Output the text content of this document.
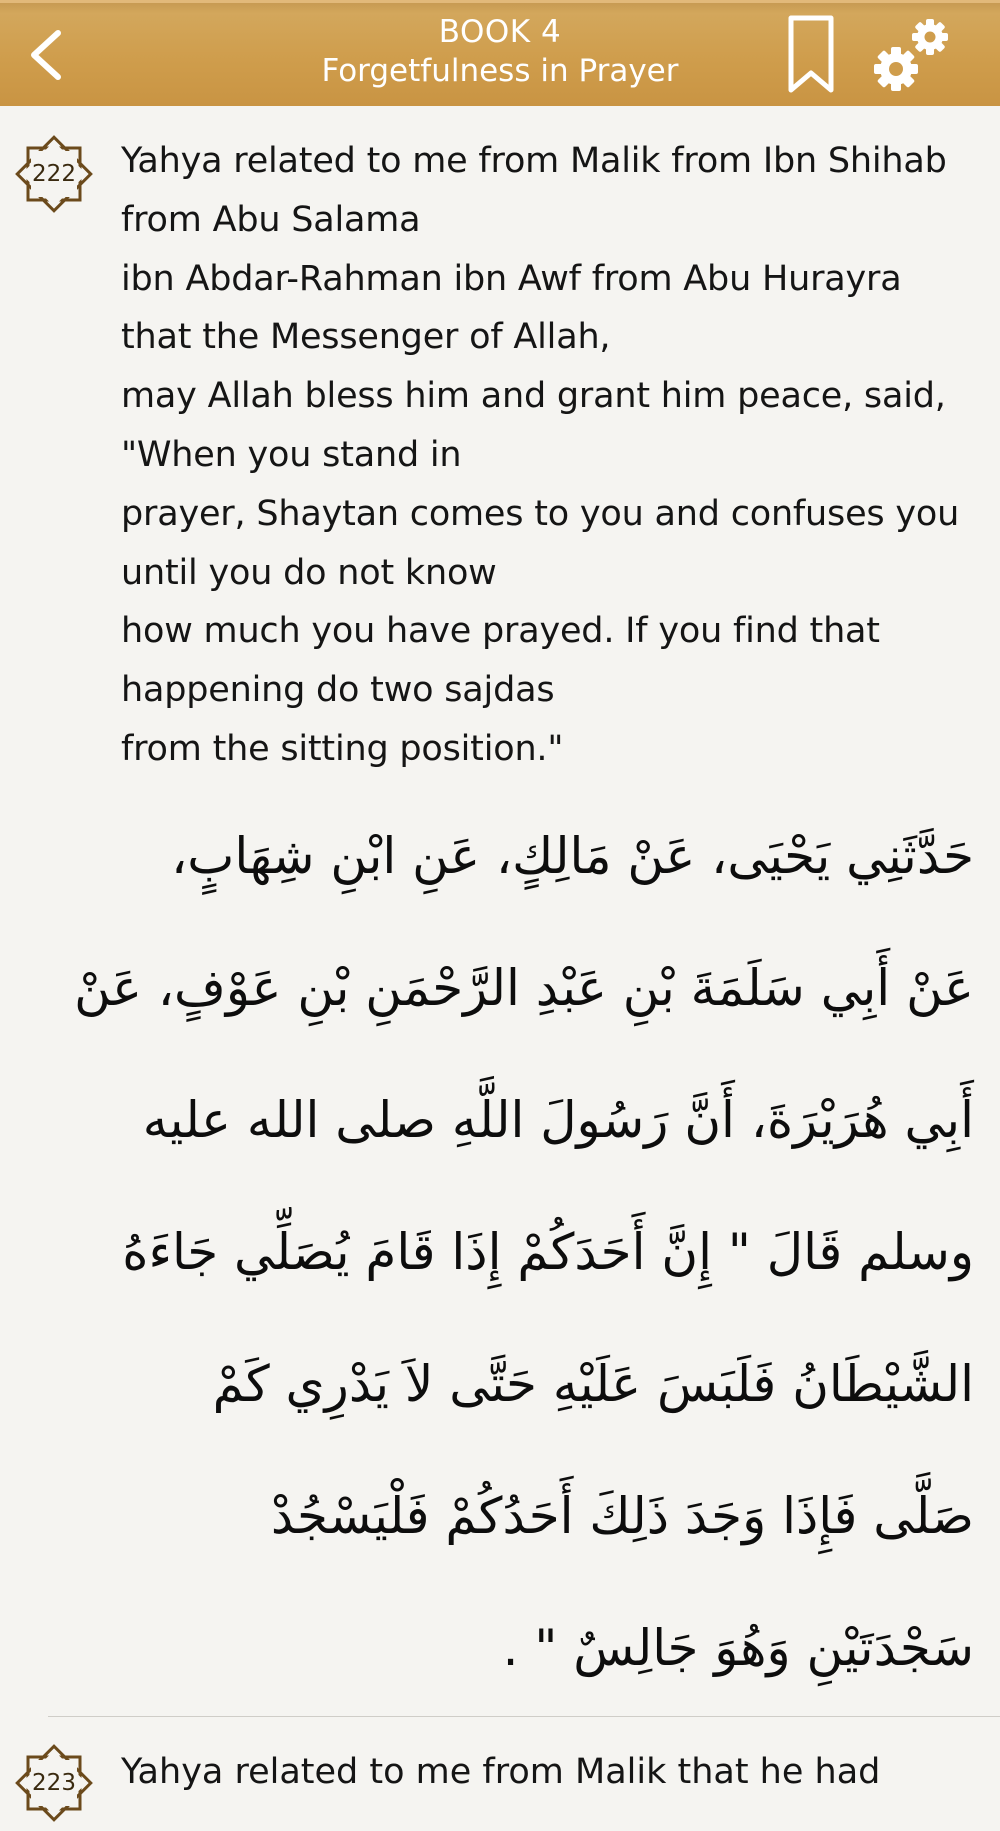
BOOK 4
Forgetfulness in Prayer
222	Yahya related to me from Malik from Ibn Shihab
from Abu Salama
ibn Abdar-Rahman ibn Awf from Abu Hurayra
that the Messenger of Allah,
may Allah bless him and grant him peace, said,
"When you stand in
prayer, Shaytan comes to you and confuses you
until you do not know
how much you have prayed. If you find that
happening do two sajdas
from the sitting position."

حَدَّثَنِي يَحْيَى، عَنْ مَالِكٍ، عَنِ ابْنِ شِهَابٍ،
عَنْ أَبِي سَلَمَةَ بْنِ عَبْدِ الرَّحْمَنِ بْنِ عَوْفٍ، عَنْ
أَبِي هُرَيْرَةَ، أَنَّ رَسُولَ اللَّهِ صلى الله عليه
وسلم قَالَ " إِنَّ أَحَدَكُمْ إِذَا قَامَ يُصَلِّي جَاءَهُ
الشَّيْطَانُ فَلَبَسَ عَلَيْهِ حَتَّى لاَ يَدْرِي كَمْ
صَلَّى فَإِذَا وَجَدَ ذَلِكَ أَحَدُكُمْ فَلْيَسْجُدْ
سَجْدَتَيْنِ وَهُوَ جَالِسٌ " .
223	Yahya related to me from Malik that he had
